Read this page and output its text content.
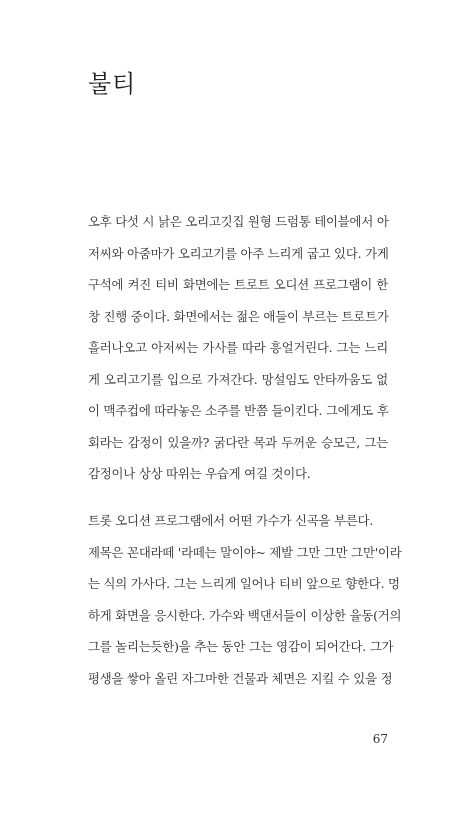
불티
오후 다섯 시 낡은 오리고깃집 원형 드럼통 테이블에서 아
저씨와 아줌마가 오리고기를 아주 느리게 굽고 있다. 가게
구석에 켜진 티비 화면에는 트로트 오디션 프로그램이 한
창 진행 중이다. 화면에서는 젊은 애들이 부르는 트로트가
흘러나오고 아저씨는 가사를 따라 흥얼거린다. 그는 느리
게 오리고기를 입으로 가져간다. 망설임도 안타까움도 없
이 맥주컵에 따라놓은 소주를 반쯤 들이킨다. 그에게도 후
회라는 감정이 있을까? 굵다란 목과 두꺼운 승모근, 그는
감정이나 상상 따위는 우습게 여길 것이다.
트롯 오디션 프로그램에서 어떤 가수가 신곡을 부른다.
제목은 꼰대라떼 '라떼는 말이야~ 제발 그만 그만 그만'이라
는 식의 가사다. 그는 느리게 일어나 티비 앞으로 향한다. 멍
하게 화면을 응시한다. 가수와 백댄서들이 이상한 율동(거의
그를 놀리는듯한)을 추는 동안 그는 영감이 되어간다. 그가
평생을 쌓아 올린 자그마한 건물과 체면은 지킬 수 있을 정
67
